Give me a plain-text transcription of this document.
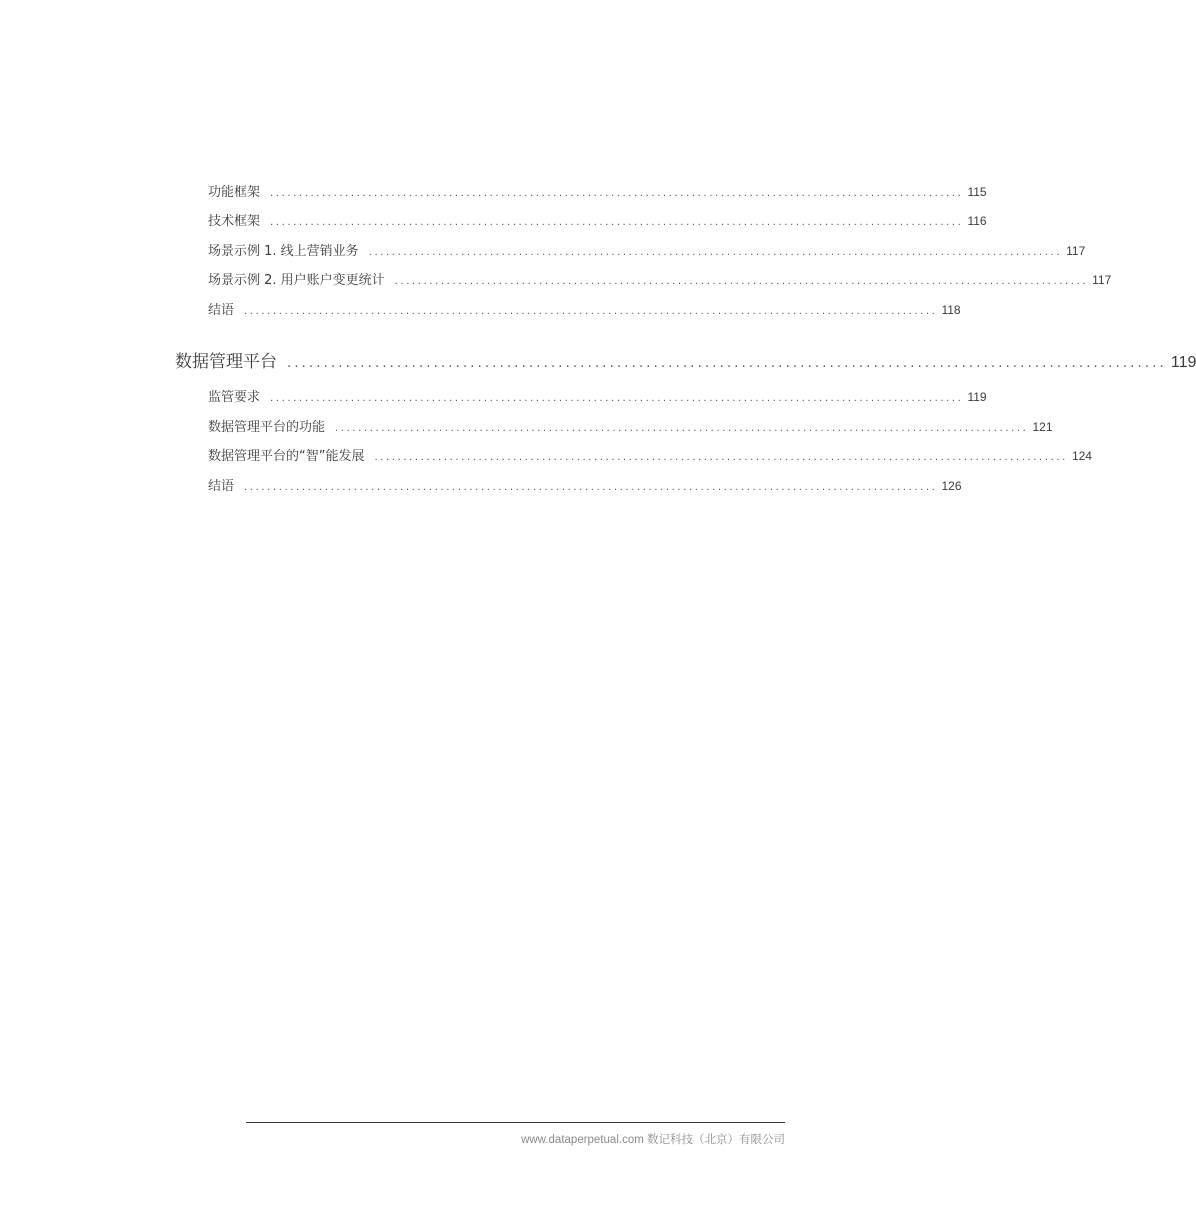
功能框架	........................................................................................................................ 115
技术框架	........................................................................................................................ 116
场景示例 1. 线上营销业务	........................................................................................................................ 117
场景示例 2. 用户账户变更统计	........................................................................................................................ 117
结语	........................................................................................................................ 118
数据管理平台 ........................................................................................................................ 119
监管要求	........................................................................................................................ 119
数据管理平台的功能	........................................................................................................................ 121
数据管理平台的“智”能发展	........................................................................................................................ 124
结语	........................................................................................................................ 126
www.dataperpetual.com 数记科技（北京）有限公司
